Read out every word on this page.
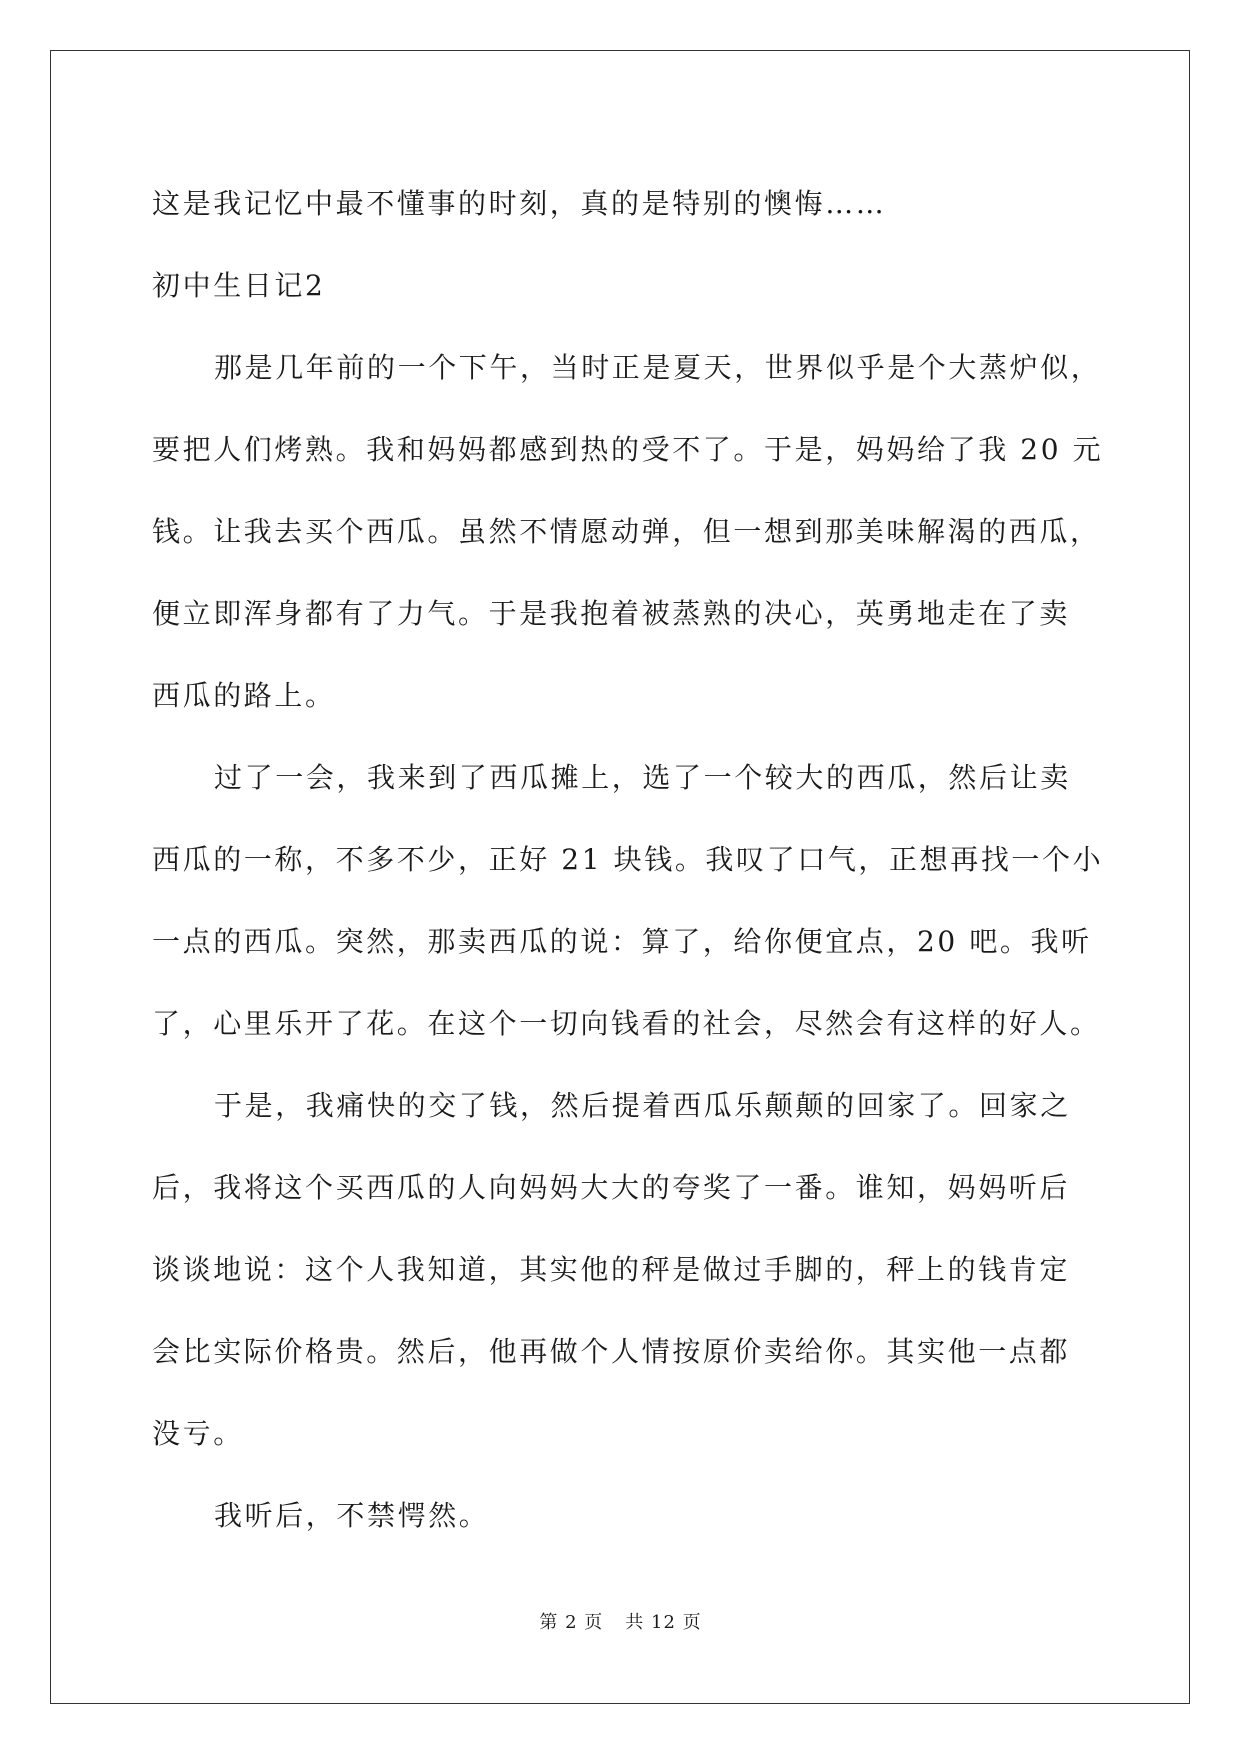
这是我记忆中最不懂事的时刻，真的是特别的懊悔……

初中生日记2

那是几年前的一个下午，当时正是夏天，世界似乎是个大蒸炉似，

要把人们烤熟。我和妈妈都感到热的受不了。于是，妈妈给了我 20 元

钱。让我去买个西瓜。虽然不情愿动弹，但一想到那美味解渴的西瓜，

便立即浑身都有了力气。于是我抱着被蒸熟的决心，英勇地走在了卖

西瓜的路上。

过了一会，我来到了西瓜摊上，选了一个较大的西瓜，然后让卖

西瓜的一称，不多不少，正好 21 块钱。我叹了口气，正想再找一个小

一点的西瓜。突然，那卖西瓜的说：算了，给你便宜点，20 吧。我听

了，心里乐开了花。在这个一切向钱看的社会，尽然会有这样的好人。

于是，我痛快的交了钱，然后提着西瓜乐颠颠的回家了。回家之

后，我将这个买西瓜的人向妈妈大大的夸奖了一番。谁知，妈妈听后

谈谈地说：这个人我知道，其实他的秤是做过手脚的，秤上的钱肯定

会比实际价格贵。然后，他再做个人情按原价卖给你。其实他一点都

没亏。

我听后，不禁愕然。

第 2 页 共 12 页
